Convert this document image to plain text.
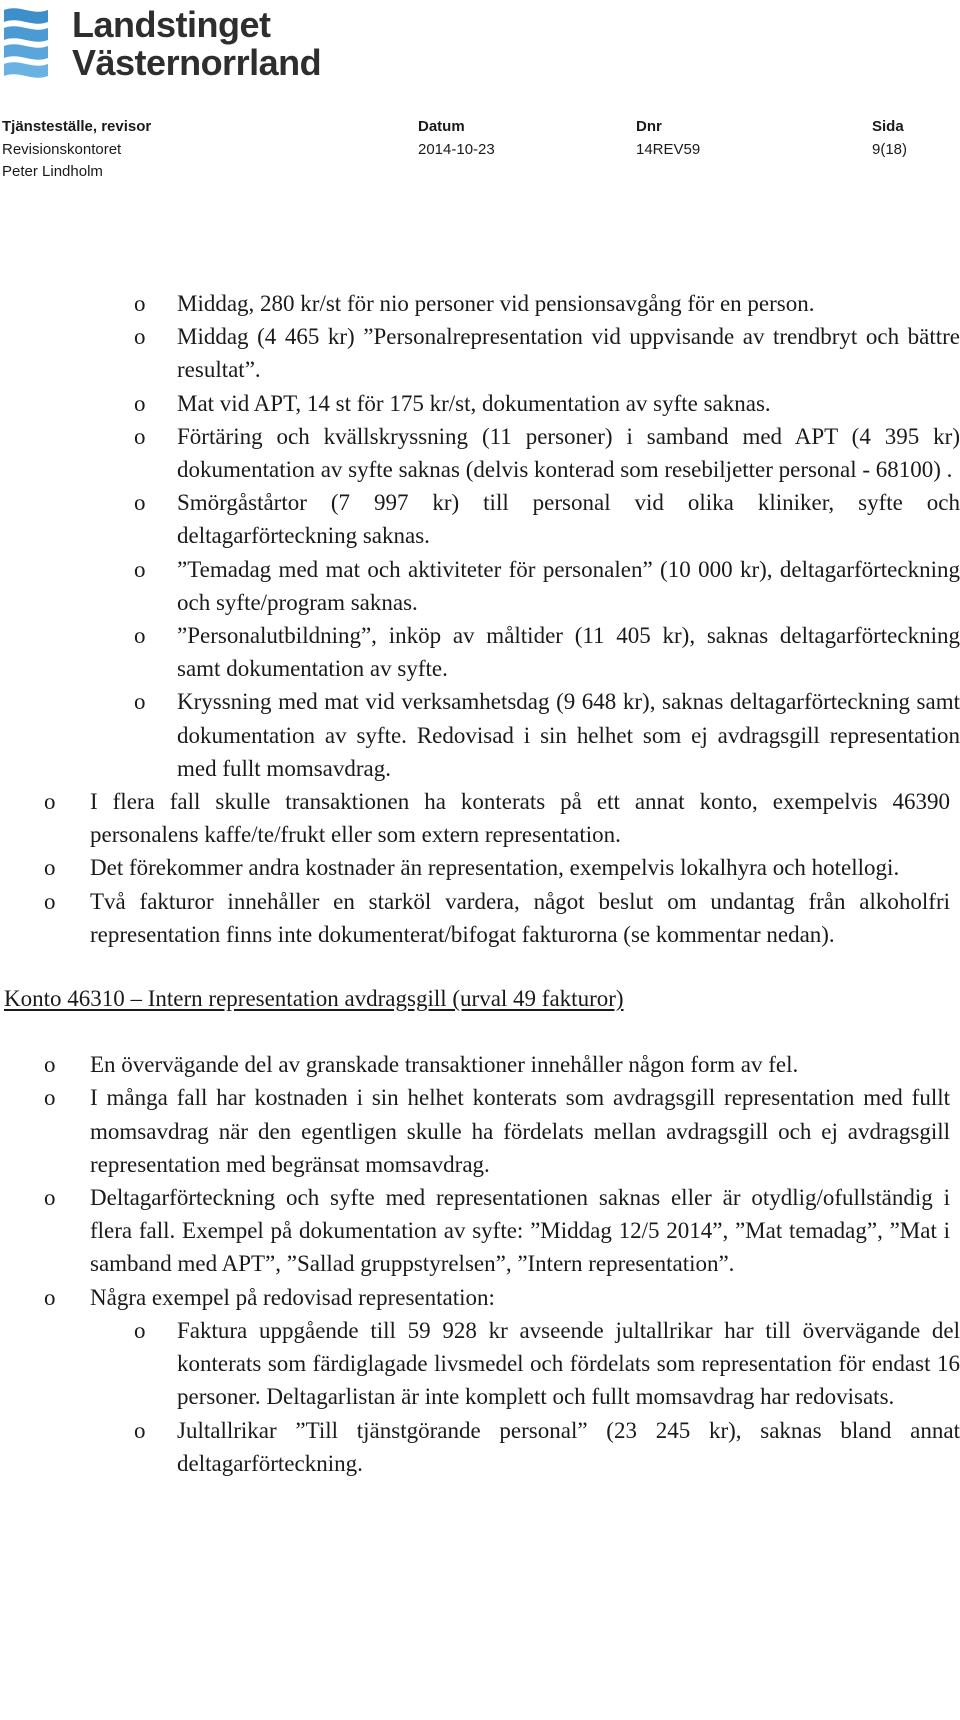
Landstinget
Västernorrland
Tjänsteställe, revisor
Revisionskontoret
Peter Lindholm
Datum
2014-10-23
Dnr
14REV59
Sida
9(18)
o Middag, 280 kr/st för nio personer vid pensionsavgång för en person.
o Middag (4 465 kr) ”Personalrepresentation vid uppvisande av trendbryt och bättre resultat”.
o Mat vid APT, 14 st för 175 kr/st, dokumentation av syfte saknas.
o Förtäring och kvällskryssning (11 personer) i samband med APT (4 395 kr) dokumentation av syfte saknas (delvis konterad som resebiljetter personal - 68100) .
o Smörgåstårtor (7 997 kr) till personal vid olika kliniker, syfte och deltagarförteckning saknas.
o ”Temadag med mat och aktiviteter för personalen” (10 000 kr), deltagarförteckning och syfte/program saknas.
o ”Personalutbildning”, inköp av måltider (11 405 kr), saknas deltagarförteckning samt dokumentation av syfte.
o Kryssning med mat vid verksamhetsdag (9 648 kr), saknas deltagarförteckning samt dokumentation av syfte. Redovisad i sin helhet som ej avdragsgill representation med fullt momsavdrag.
o I flera fall skulle transaktionen ha konterats på ett annat konto, exempelvis 46390 personalens kaffe/te/frukt eller som extern representation.
o Det förekommer andra kostnader än representation, exempelvis lokalhyra och hotellogi.
o Två fakturor innehåller en starköl vardera, något beslut om undantag från alkoholfri representation finns inte dokumenterat/bifogat fakturorna (se kommentar nedan).
Konto 46310 – Intern representation avdragsgill (urval 49 fakturor)
o En övervägande del av granskade transaktioner innehåller någon form av fel.
o I många fall har kostnaden i sin helhet konterats som avdragsgill representation med fullt momsavdrag när den egentligen skulle ha fördelats mellan avdragsgill och ej avdragsgill representation med begränsat momsavdrag.
o Deltagarförteckning och syfte med representationen saknas eller är otydlig/ofullständig i flera fall. Exempel på dokumentation av syfte: ”Middag 12/5 2014”, ”Mat temadag”, ”Mat i samband med APT”, ”Sallad gruppstyrelsen”, ”Intern representation”.
o Några exempel på redovisad representation:
o Faktura uppgående till 59 928 kr avseende jultallrikar har till övervägande del konterats som färdiglagade livsmedel och fördelats som representation för endast 16 personer. Deltagarlistan är inte komplett och fullt momsavdrag har redovisats.
o Jultallrikar ”Till tjänstgörande personal” (23 245 kr), saknas bland annat deltagarförteckning.
